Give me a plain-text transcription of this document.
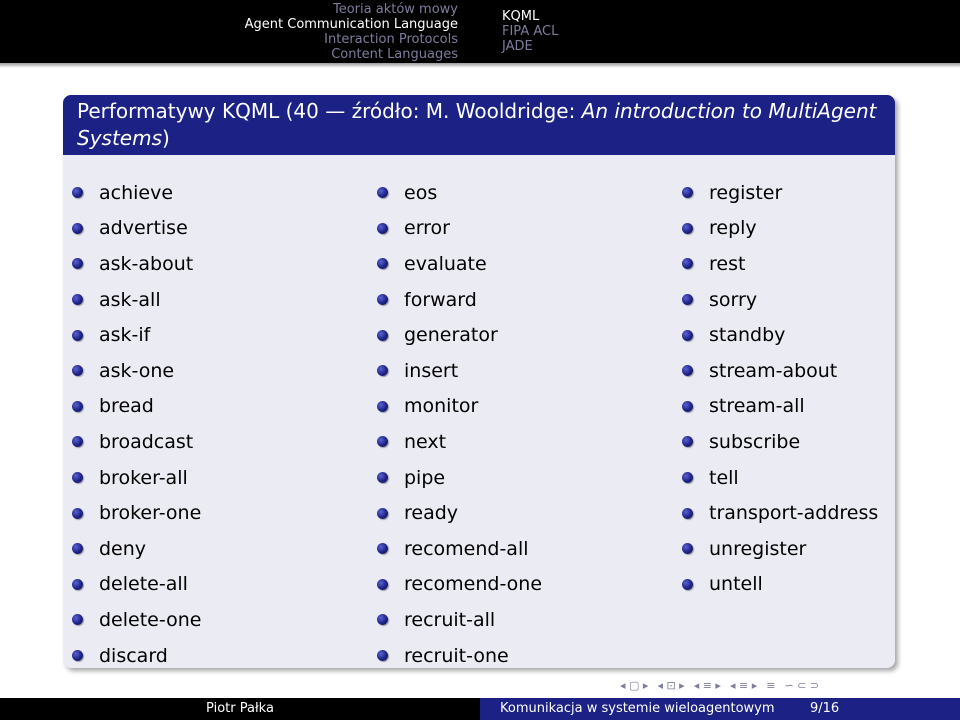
Teoria aktów mowy
Agent Communication Language
Interaction Protocols
Content Languages
KQML
FIPA ACL
JADE
Performatywy KQML (40 — źródło: M. Wooldridge: An introduction to MultiAgent Systems)
achieve
advertise
ask-about
ask-all
ask-if
ask-one
bread
broadcast
broker-all
broker-one
deny
delete-all
delete-one
discard
eos
error
evaluate
forward
generator
insert
monitor
next
pipe
ready
recomend-all
recomend-one
recruit-all
recruit-one
register
reply
rest
sorry
standby
stream-about
stream-all
subscribe
tell
transport-address
unregister
untell
◂ ▢ ▸ ◂ ⊡ ▸ ◂ ≡ ▸ ◂ ≡ ▸ ≡ ∽ ⊂ ⊃
Piotr Pałka	Komunikacja w systemie wieloagentowym	9/16
